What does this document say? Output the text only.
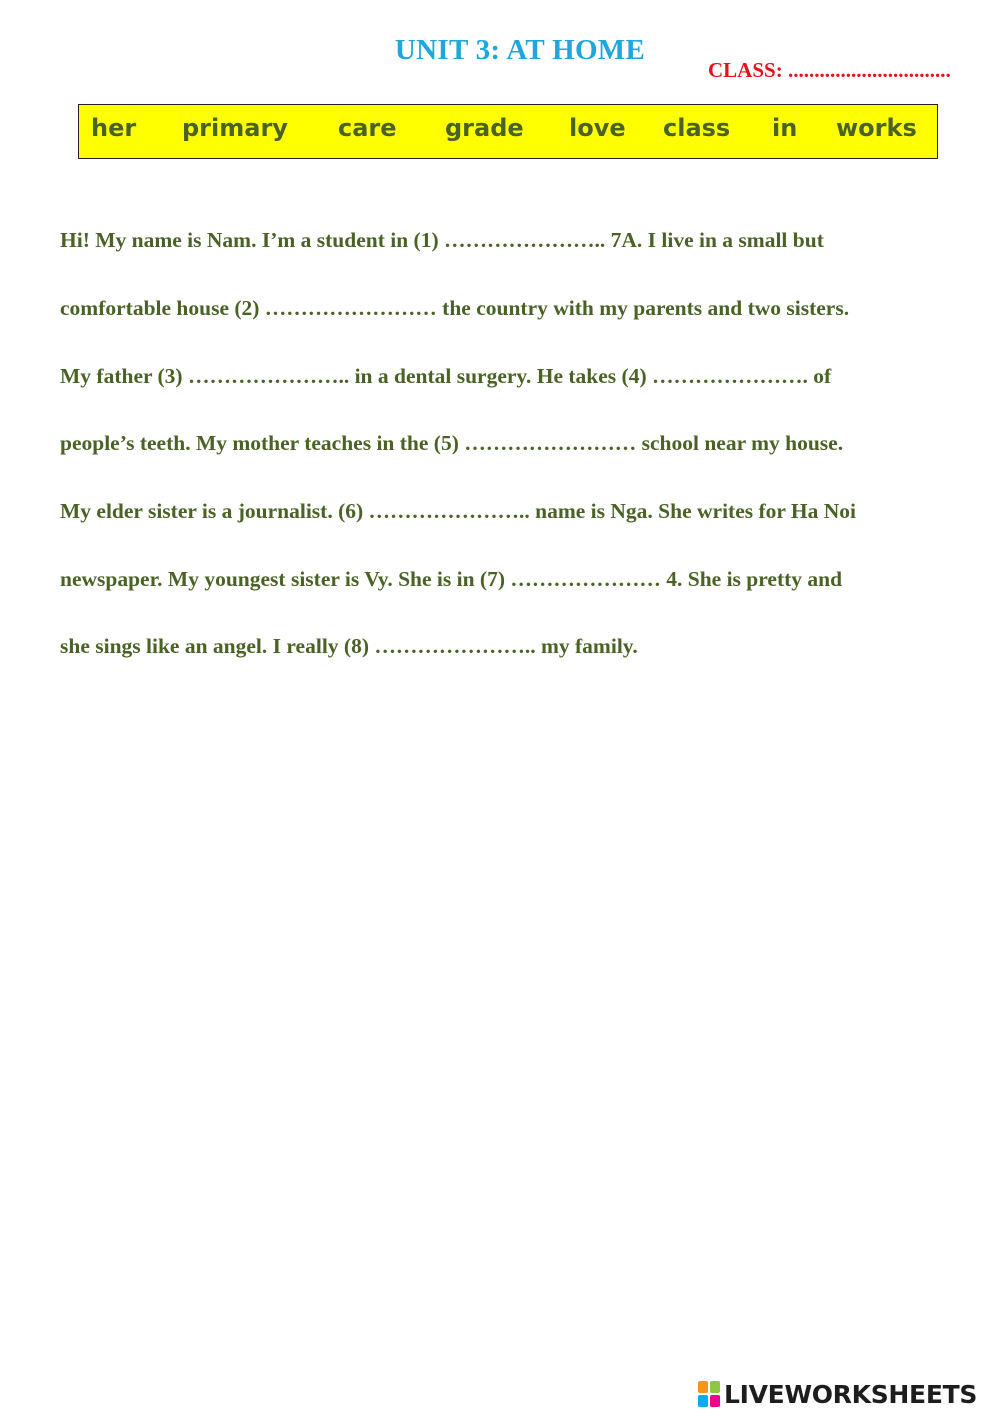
UNIT 3: AT HOME
CLASS: ...............................
her primary care grade love class in works
Hi! My name is Nam. I’m a student in (1) ………………….. 7A. I live in a small but
comfortable house (2) …………………… the country with my parents and two sisters.
My father (3) ………………….. in a dental surgery. He takes (4) …………………. of
people’s teeth. My mother teaches in the (5) …………………… school near my house.
My elder sister is a journalist. (6) ………………….. name is Nga. She writes for Ha Noi
newspaper. My youngest sister is Vy. She is in (7) ………………… 4. She is pretty and
she sings like an angel. I really (8) ………………….. my family.
LIVEWORKSHEETS
